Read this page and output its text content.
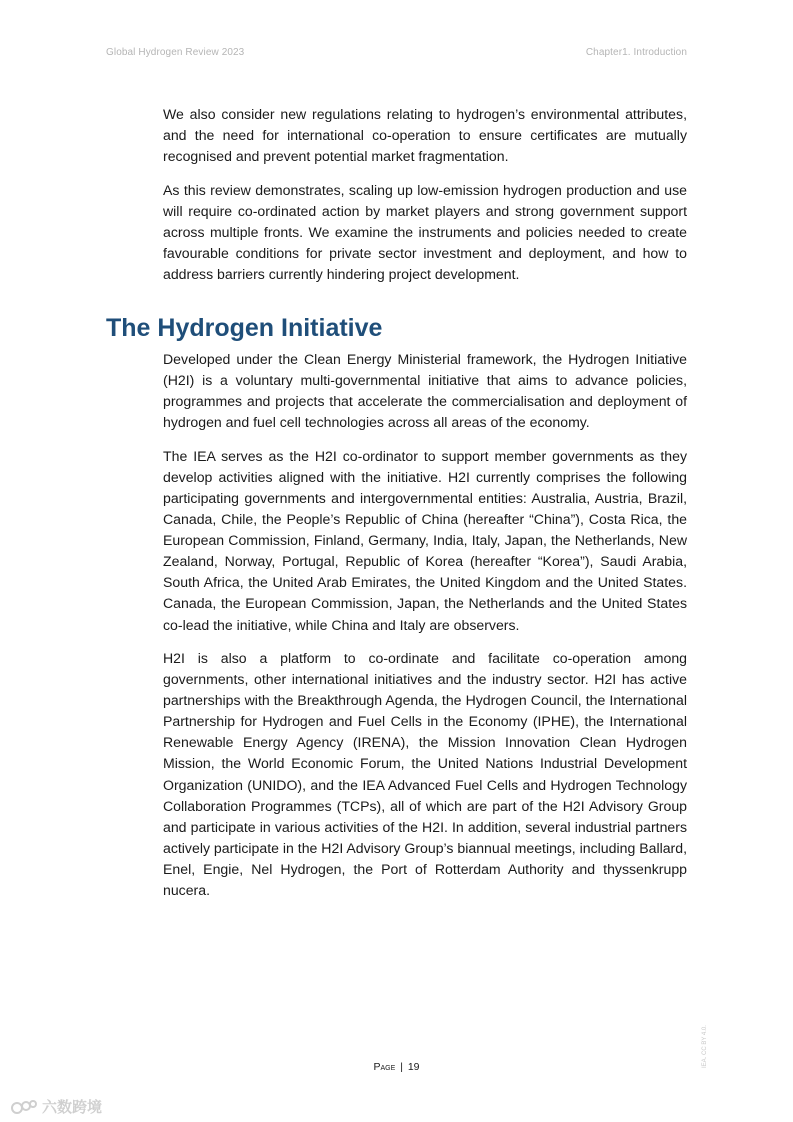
Global Hydrogen Review 2023	Chapter1. Introduction

We also consider new regulations relating to hydrogen’s environmental attributes, and the need for international co-operation to ensure certificates are mutually recognised and prevent potential market fragmentation.

As this review demonstrates, scaling up low-emission hydrogen production and use will require co-ordinated action by market players and strong government support across multiple fronts. We examine the instruments and policies needed to create favourable conditions for private sector investment and deployment, and how to address barriers currently hindering project development.

The Hydrogen Initiative

Developed under the Clean Energy Ministerial framework, the Hydrogen Initiative (H2I) is a voluntary multi-governmental initiative that aims to advance policies, programmes and projects that accelerate the commercialisation and deployment of hydrogen and fuel cell technologies across all areas of the economy.

The IEA serves as the H2I co-ordinator to support member governments as they develop activities aligned with the initiative. H2I currently comprises the following participating governments and intergovernmental entities: Australia, Austria, Brazil, Canada, Chile, the People’s Republic of China (hereafter “China”), Costa Rica, the European Commission, Finland, Germany, India, Italy, Japan, the Netherlands, New Zealand, Norway, Portugal, Republic of Korea (hereafter “Korea”), Saudi Arabia, South Africa, the United Arab Emirates, the United Kingdom and the United States. Canada, the European Commission, Japan, the Netherlands and the United States co-lead the initiative, while China and Italy are observers.

H2I is also a platform to co-ordinate and facilitate co-operation among governments, other international initiatives and the industry sector. H2I has active partnerships with the Breakthrough Agenda, the Hydrogen Council, the International Partnership for Hydrogen and Fuel Cells in the Economy (IPHE), the International Renewable Energy Agency (IRENA), the Mission Innovation Clean Hydrogen Mission, the World Economic Forum, the United Nations Industrial Development Organization (UNIDO), and the IEA Advanced Fuel Cells and Hydrogen Technology Collaboration Programmes (TCPs), all of which are part of the H2I Advisory Group and participate in various activities of the H2I. In addition, several industrial partners actively participate in the H2I Advisory Group’s biannual meetings, including Ballard, Enel, Engie, Nel Hydrogen, the Port of Rotterdam Authority and thyssenkrupp nucera.

Page | 19	IEA. CC BY 4.0.
六数跨境
